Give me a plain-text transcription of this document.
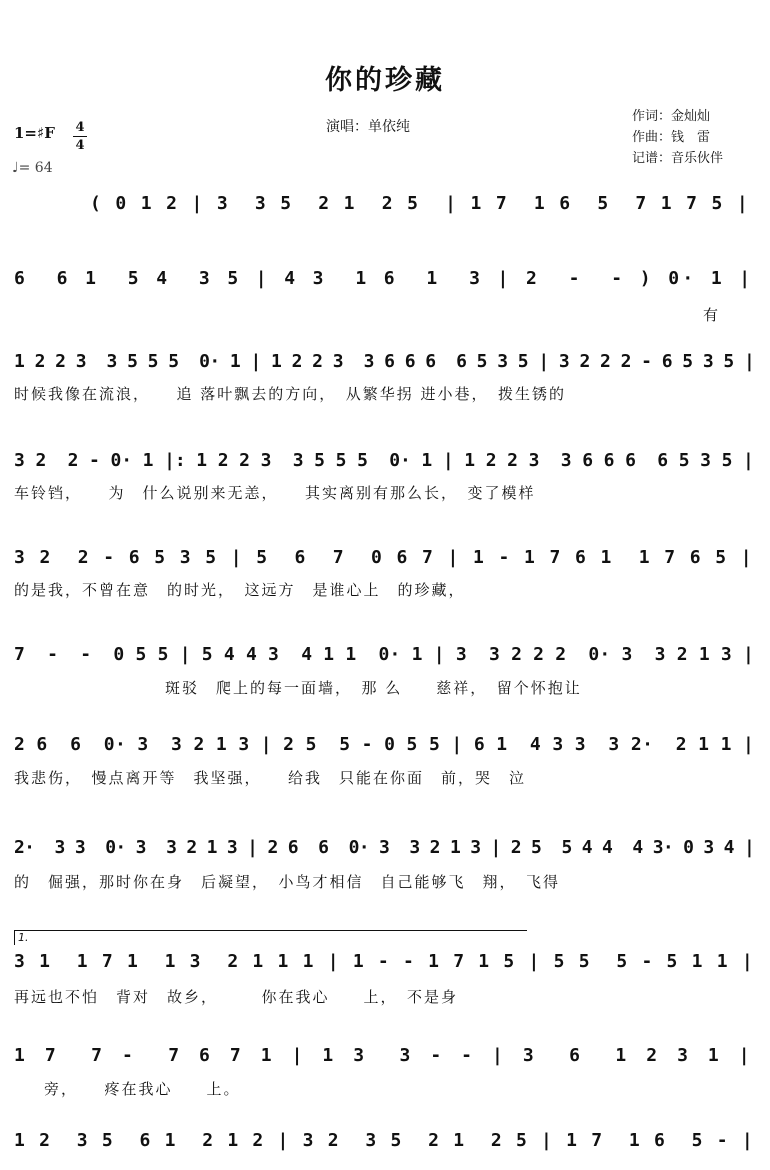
你的珍藏
演唱：单依纯
作词：金灿灿
作曲：钱　雷
记谱：音乐伙伴
1=♯F 4
4
♩= 64
( 0 1 2 | 3  3 5  2 1  2 5  | 1 7  1 6  5  7 1 7 5 |
6  6 1  5 4  3 5 | 4 3  1 6  1  3 | 2  -  - ) 0· 1 |
有
1 2 2 3  3 5 5 5  0· 1 | 1 2 2 3  3 6 6 6  6 5 3 5 | 3 2 2 2 - 6 5 3 5 |
时候我像在流浪，　　追 落叶飘去的方向，　从繁华拐 进小巷，　拨生锈的
3 2  2 - 0· 1 |: 1 2 2 3  3 5 5 5  0· 1 | 1 2 2 3  3 6 6 6  6 5 3 5 |
车铃铛，　　为　什么说别来无恙，　　其实离别有那么长，　变了模样
3 2  2 - 6 5 3 5 | 5  6  7  0 6 7 | 1 - 1 7 6 1  1 7 6 5 |
的是我，不曾在意　的时光，　这远方　是谁心上　的珍藏，
7  -  -  0 5 5 | 5 4 4 3  4 1 1  0· 1 | 3  3 2 2 2  0· 3  3 2 1 3 |
斑驳　爬上的每一面墙，　那 么　　慈祥，　留个怀抱让
2 6  6  0· 3  3 2 1 3 | 2 5  5 - 0 5 5 | 6 1  4 3 3  3 2·  2 1 1 |
我悲伤，　慢点离开等　我坚强，　　给我　只能在你面　前，哭　泣
2·  3 3  0· 3  3 2 1 3 | 2 6  6  0· 3  3 2 1 3 | 2 5  5 4 4  4 3· 0 3 4 |
的　倔强，那时你在身　后凝望，　小鸟才相信　自己能够飞　翔，　飞得
1.
3 1  1 7 1  1 3  2 1 1 1 | 1 - - 1 7 1 5 | 5 5  5 - 5 1 1 |
再远也不怕　背对　故乡，　　　你在我心　　上，　不是身
1 7  7 -  7 6 7 1 | 1 3  3 - - | 3  6  1 2 3 1 |
旁，　　疼在我心　　上。
1 2  3 5  6 1  2 1 2 | 3 2  3 5  2 1  2 5 | 1 7  1 6  5 - |
